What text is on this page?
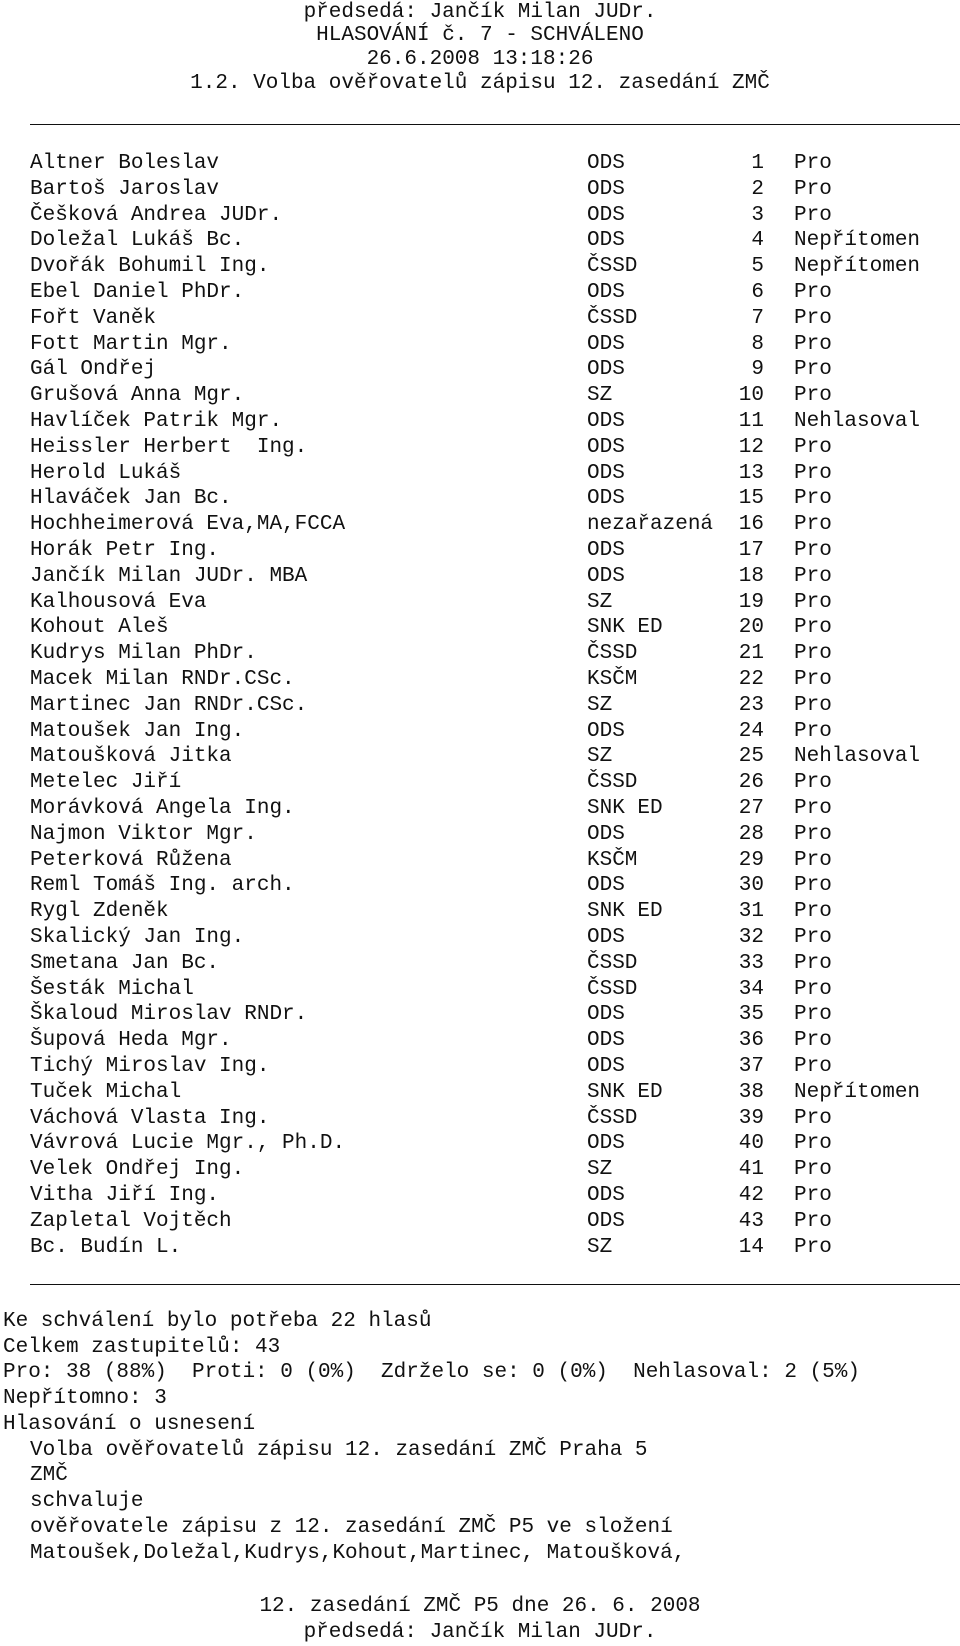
předsedá: Jančík Milan JUDr.
HLASOVÁNÍ č. 7 - SCHVÁLENO
26.6.2008 13:18:26
1.2. Volba ověřovatelů zápisu 12. zasedání ZMČ
Altner Boleslav	ODS	1 Pro
Bartoš Jaroslav	ODS	2 Pro
Češková Andrea JUDr.	ODS	3 Pro
Doležal Lukáš Bc.	ODS	4 Nepřítomen
Dvořák Bohumil Ing.	ČSSD	5 Nepřítomen
Ebel Daniel PhDr.	ODS	6 Pro
Fořt Vaněk	ČSSD	7 Pro
Fott Martin Mgr.	ODS	8 Pro
Gál Ondřej	ODS	9 Pro
Grušová Anna Mgr.	SZ	10 Pro
Havlíček Patrik Mgr.	ODS	11 Nehlasoval
Heissler Herbert  Ing.	ODS	12 Pro
Herold Lukáš	ODS	13 Pro
Hlaváček Jan Bc.	ODS	15 Pro
Hochheimerová Eva,MA,FCCA	nezařazená	16 Pro
Horák Petr Ing.	ODS	17 Pro
Jančík Milan JUDr. MBA	ODS	18 Pro
Kalhousová Eva	SZ	19 Pro
Kohout Aleš	SNK ED	20 Pro
Kudrys Milan PhDr.	ČSSD	21 Pro
Macek Milan RNDr.CSc.	KSČM	22 Pro
Martinec Jan RNDr.CSc.	SZ	23 Pro
Matoušek Jan Ing.	ODS	24 Pro
Matoušková Jitka	SZ	25 Nehlasoval
Metelec Jiří	ČSSD	26 Pro
Morávková Angela Ing.	SNK ED	27 Pro
Najmon Viktor Mgr.	ODS	28 Pro
Peterková Růžena	KSČM	29 Pro
Reml Tomáš Ing. arch.	ODS	30 Pro
Rygl Zdeněk	SNK ED	31 Pro
Skalický Jan Ing.	ODS	32 Pro
Smetana Jan Bc.	ČSSD	33 Pro
Šesták Michal	ČSSD	34 Pro
Škaloud Miroslav RNDr.	ODS	35 Pro
Šupová Heda Mgr.	ODS	36 Pro
Tichý Miroslav Ing.	ODS	37 Pro
Tuček Michal	SNK ED	38 Nepřítomen
Váchová Vlasta Ing.	ČSSD	39 Pro
Vávrová Lucie Mgr., Ph.D.	ODS	40 Pro
Velek Ondřej Ing.	SZ	41 Pro
Vitha Jiří Ing.	ODS	42 Pro
Zapletal Vojtěch	ODS	43 Pro
Bc. Budín L.	SZ	14 Pro
Ke schválení bylo potřeba 22 hlasů
Celkem zastupitelů: 43
Pro: 38 (88%)  Proti: 0 (0%)  Zdrželo se: 0 (0%)  Nehlasoval: 2 (5%)
Nepřítomno: 3
Hlasování o usnesení
Volba ověřovatelů zápisu 12. zasedání ZMČ Praha 5
ZMČ
schvaluje
ověřovatele zápisu z 12. zasedání ZMČ P5 ve složení
Matoušek,Doležal,Kudrys,Kohout,Martinec, Matoušková,
12. zasedání ZMČ P5 dne 26. 6. 2008
předsedá: Jančík Milan JUDr.
